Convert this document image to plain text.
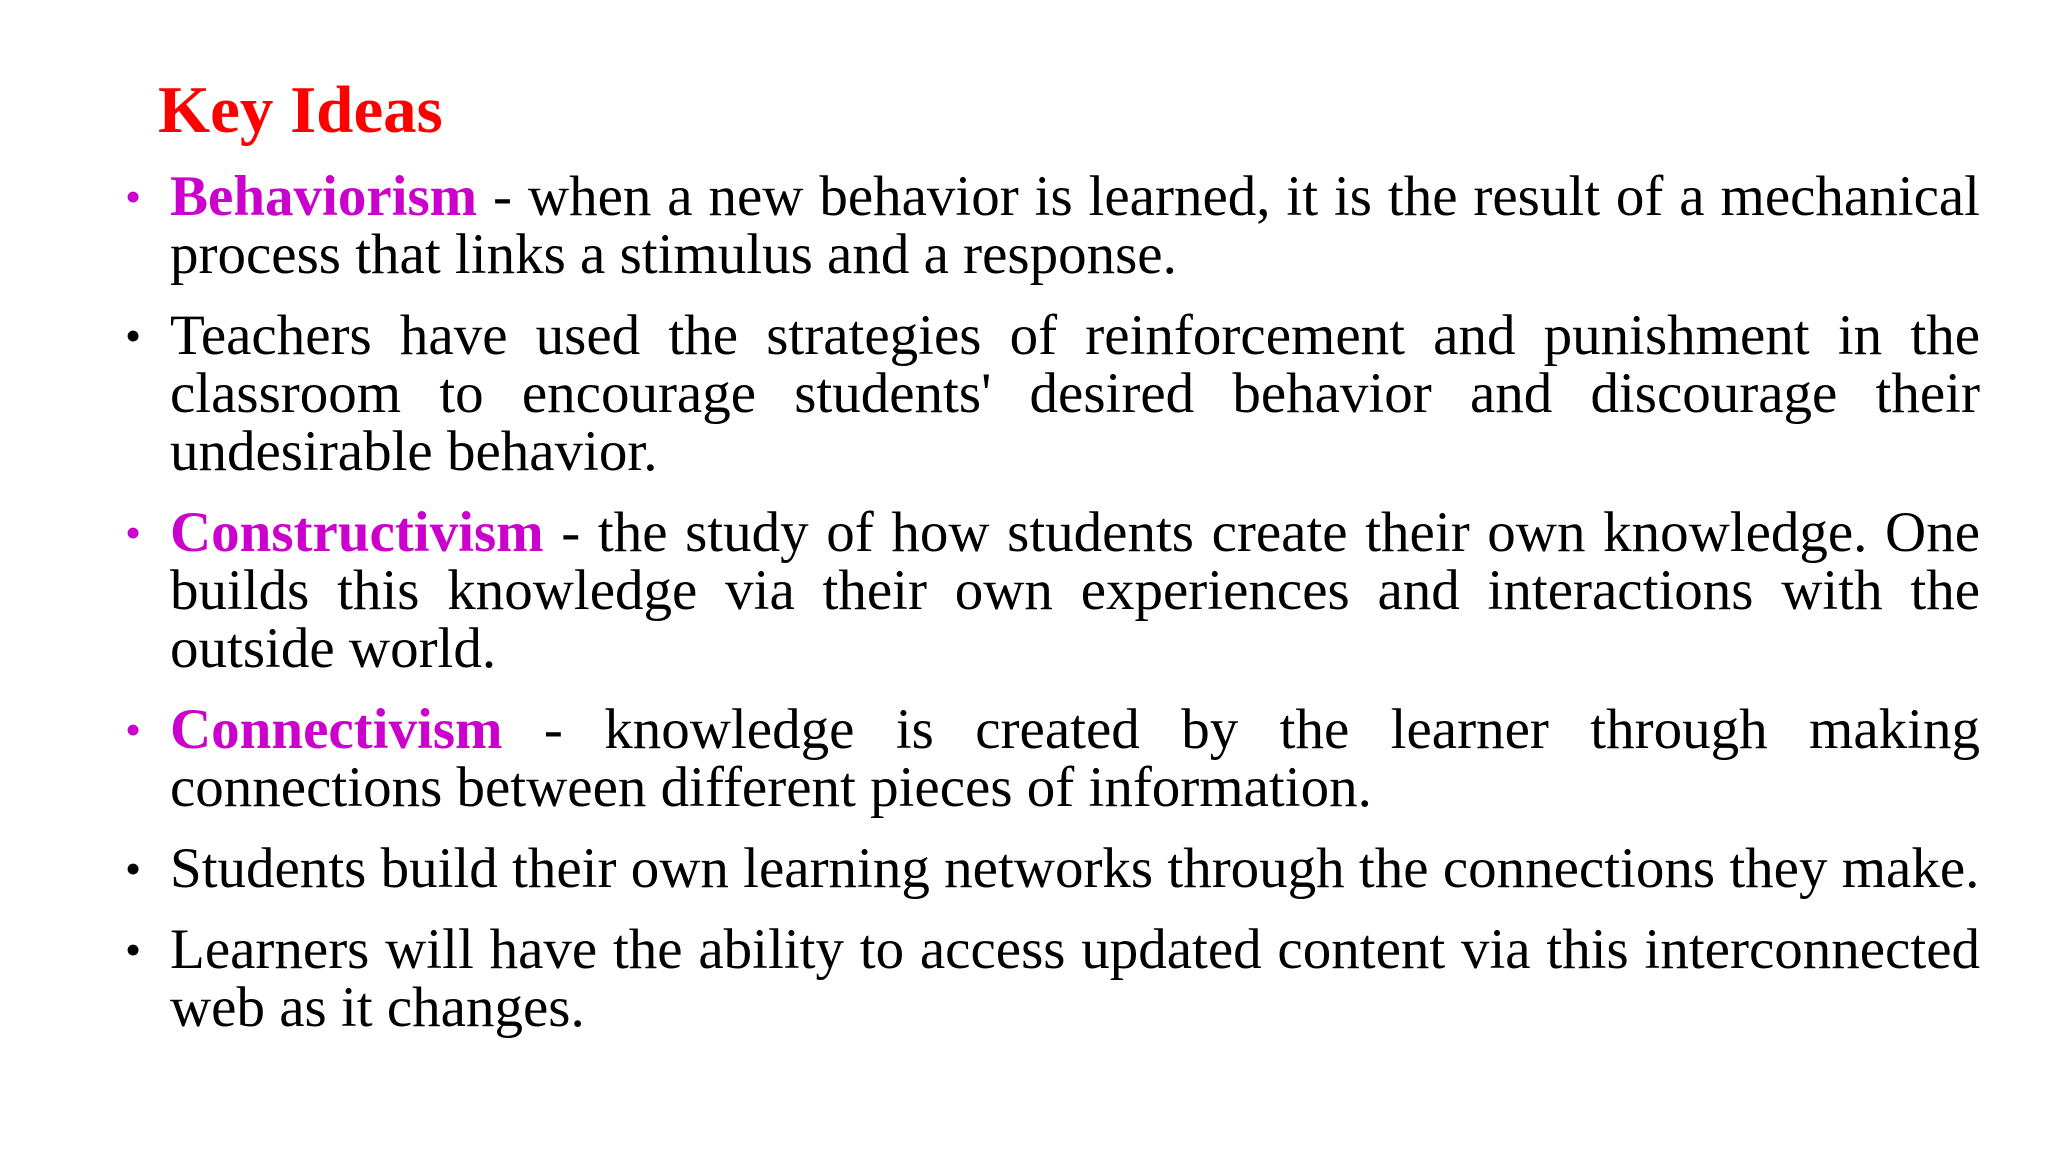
Key Ideas
• Behaviorism - when a new behavior is learned, it is the result of a mechanical process that links a stimulus and a response.
• Teachers have used the strategies of reinforcement and punishment in the classroom to encourage students' desired behavior and discourage their undesirable behavior.
• Constructivism - the study of how students create their own knowledge. One builds this knowledge via their own experiences and interactions with the outside world.
• Connectivism - knowledge is created by the learner through making connections between different pieces of information.
• Students build their own learning networks through the connections they make.
• Learners will have the ability to access updated content via this interconnected web as it changes.
